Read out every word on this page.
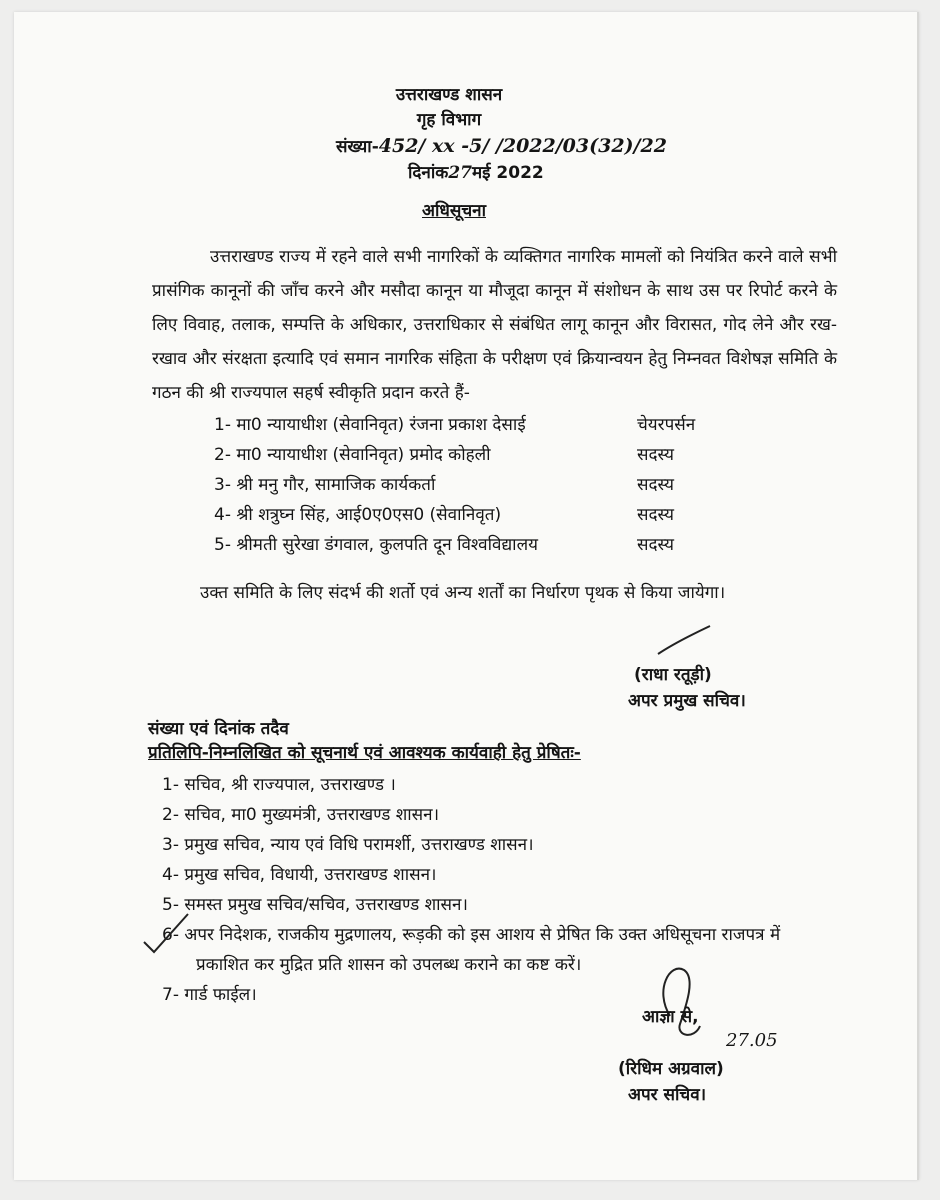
उत्तराखण्ड शासन
गृह विभाग
संख्या-452/ xx -5/ /2022/03(32)/22
दिनांक27मई 2022
अधिसूचना

उत्तराखण्ड राज्य में रहने वाले सभी नागरिकों के व्यक्तिगत नागरिक मामलों को नियंत्रित करने वाले सभी प्रासंगिक कानूनों की जाँच करने और मसौदा कानून या मौजूदा कानून में संशोधन के साथ उस पर रिपोर्ट करने के लिए विवाह, तलाक, सम्पत्ति के अधिकार, उत्तराधिकार से संबंधित लागू कानून और विरासत, गोद लेने और रख-रखाव और संरक्षता इत्यादि एवं समान नागरिक संहिता के परीक्षण एवं क्रियान्वयन हेतु निम्नवत विशेषज्ञ समिति के गठन की श्री राज्यपाल सहर्ष स्वीकृति प्रदान करते हैं-

1- मा0 न्यायाधीश (सेवानिवृत) रंजना प्रकाश देसाई	चेयरपर्सन
2- मा0 न्यायाधीश (सेवानिवृत) प्रमोद कोहली	सदस्य
3- श्री मनु गौर, सामाजिक कार्यकर्ता	सदस्य
4- श्री शत्रुघ्न सिंह, आई0ए0एस0 (सेवानिवृत)	सदस्य
5- श्रीमती सुरेखा डंगवाल, कुलपति दून विश्वविद्यालय	सदस्य
उक्त समिति के लिए संदर्भ की शर्तो एवं अन्य शर्तों का निर्धारण पृथक से किया जायेगा।
(राधा रतूड़ी)
अपर प्रमुख सचिव।
संख्या एवं दिनांक तदैव
प्रतिलिपि-निम्नलिखित को सूचनार्थ एवं आवश्यक कार्यवाही हेतु प्रेषितः-
1- सचिव, श्री राज्यपाल, उत्तराखण्ड ।
2- सचिव, मा0 मुख्यमंत्री, उत्तराखण्ड शासन।
3- प्रमुख सचिव, न्याय एवं विधि परामर्शी, उत्तराखण्ड शासन।
4- प्रमुख सचिव, विधायी, उत्तराखण्ड शासन।
5- समस्त प्रमुख सचिव/सचिव, उत्तराखण्ड शासन।
6- अपर निदेशक, राजकीय मुद्रणालय, रूड़की को इस आशय से प्रेषित कि उक्त अधिसूचना राजपत्र में
प्रकाशित कर मुद्रित प्रति शासन को उपलब्ध कराने का कष्ट करें।
7- गार्ड फाईल।
आज्ञा से,
27.05
(रिधिम अग्रवाल)
अपर सचिव।
